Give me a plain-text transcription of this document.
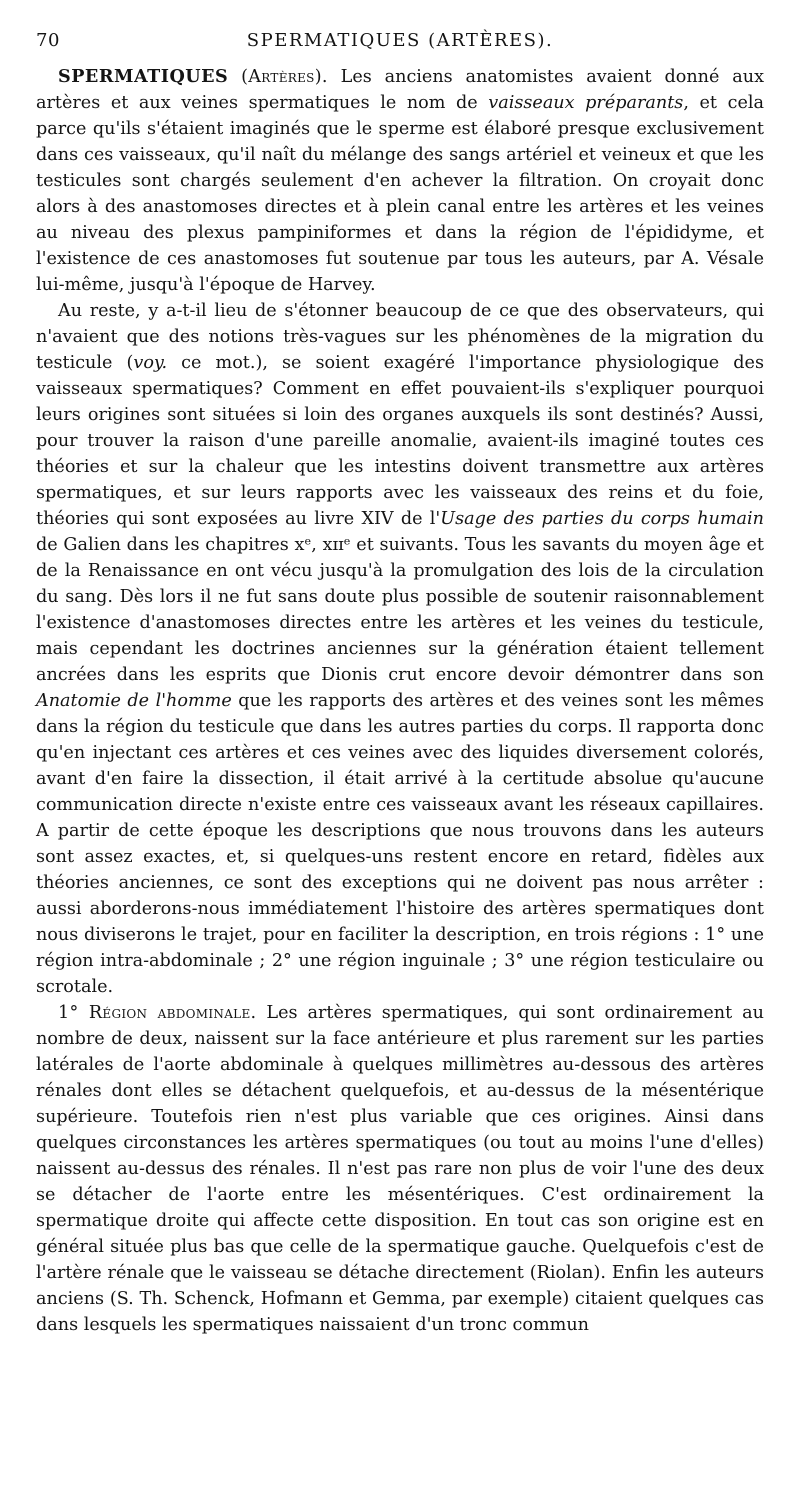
70	SPERMATIQUES (ARTÈRES).

SPERMATIQUES (Artères). Les anciens anatomistes avaient donné aux artères et aux veines spermatiques le nom de vaisseaux préparants, et cela parce qu'ils s'étaient imaginés que le sperme est élaboré presque exclusivement dans ces vaisseaux, qu'il naît du mélange des sangs artériel et veineux et que les testicules sont chargés seulement d'en achever la filtration. On croyait donc alors à des anastomoses directes et à plein canal entre les artères et les veines au niveau des plexus pampiniformes et dans la région de l'épididyme, et l'existence de ces anastomoses fut soutenue par tous les auteurs, par A. Vésale lui-même, jusqu'à l'époque de Harvey.

Au reste, y a-t-il lieu de s'étonner beaucoup de ce que des observateurs, qui n'avaient que des notions très-vagues sur les phénomènes de la migration du testicule (voy. ce mot.), se soient exagéré l'importance physiologique des vaisseaux spermatiques? Comment en effet pouvaient-ils s'expliquer pourquoi leurs origines sont situées si loin des organes auxquels ils sont destinés? Aussi, pour trouver la raison d'une pareille anomalie, avaient-ils imaginé toutes ces théories et sur la chaleur que les intestins doivent transmettre aux artères spermatiques, et sur leurs rapports avec les vaisseaux des reins et du foie, théories qui sont exposées au livre XIV de l'Usage des parties du corps humain de Galien dans les chapitres xᵉ, xɪɪᵉ et suivants. Tous les savants du moyen âge et de la Renaissance en ont vécu jusqu'à la promulgation des lois de la circulation du sang. Dès lors il ne fut sans doute plus possible de soutenir raisonnablement l'existence d'anastomoses directes entre les artères et les veines du testicule, mais cependant les doctrines anciennes sur la génération étaient tellement ancrées dans les esprits que Dionis crut encore devoir démontrer dans son Anatomie de l'homme que les rapports des artères et des veines sont les mêmes dans la région du testicule que dans les autres parties du corps. Il rapporta donc qu'en injectant ces artères et ces veines avec des liquides diversement colorés, avant d'en faire la dissection, il était arrivé à la certitude absolue qu'aucune communication directe n'existe entre ces vaisseaux avant les réseaux capillaires. A partir de cette époque les descriptions que nous trouvons dans les auteurs sont assez exactes, et, si quelques-uns restent encore en retard, fidèles aux théories anciennes, ce sont des exceptions qui ne doivent pas nous arrêter : aussi aborderons-nous immédiatement l'histoire des artères spermatiques dont nous diviserons le trajet, pour en faciliter la description, en trois régions : 1° une région intra-abdominale ; 2° une région inguinale ; 3° une région testiculaire ou scrotale.

1° Région abdominale. Les artères spermatiques, qui sont ordinairement au nombre de deux, naissent sur la face antérieure et plus rarement sur les parties latérales de l'aorte abdominale à quelques millimètres au-dessous des artères rénales dont elles se détachent quelquefois, et au-dessus de la mésentérique supérieure. Toutefois rien n'est plus variable que ces origines. Ainsi dans quelques circonstances les artères spermatiques (ou tout au moins l'une d'elles) naissent au-dessus des rénales. Il n'est pas rare non plus de voir l'une des deux se détacher de l'aorte entre les mésentériques. C'est ordinairement la spermatique droite qui affecte cette disposition. En tout cas son origine est en général située plus bas que celle de la spermatique gauche. Quelquefois c'est de l'artère rénale que le vaisseau se détache directement (Riolan). Enfin les auteurs anciens (S. Th. Schenck, Hofmann et Gemma, par exemple) citaient quelques cas dans lesquels les spermatiques naissaient d'un tronc commun
